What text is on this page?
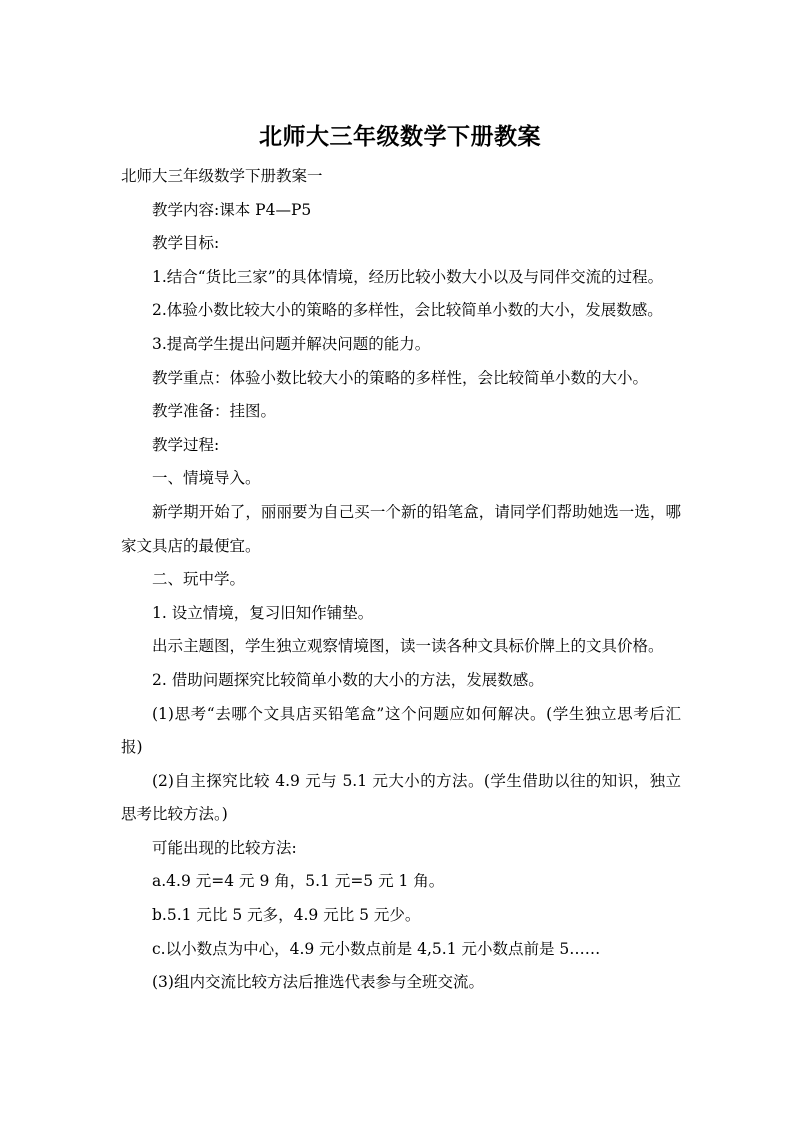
北师大三年级数学下册教案

北师大三年级数学下册教案一

教学内容:课本 P4—P5

教学目标:

1.结合“货比三家”的具体情境，经历比较小数大小以及与同伴交流的过程。

2.体验小数比较大小的策略的多样性，会比较简单小数的大小，发展数感。

3.提高学生提出问题并解决问题的能力。

教学重点：体验小数比较大小的策略的多样性，会比较简单小数的大小。

教学准备：挂图。

教学过程:

一、情境导入。

新学期开始了，丽丽要为自己买一个新的铅笔盒，请同学们帮助她选一选，哪家文具店的最便宜。

二、玩中学。

1. 设立情境，复习旧知作铺垫。

出示主题图，学生独立观察情境图，读一读各种文具标价牌上的文具价格。

2. 借助问题探究比较简单小数的大小的方法，发展数感。

(1)思考“去哪个文具店买铅笔盒”这个问题应如何解决。(学生独立思考后汇报)

(2)自主探究比较 4.9 元与 5.1 元大小的方法。(学生借助以往的知识，独立思考比较方法。)

可能出现的比较方法:

a.4.9 元=4 元 9 角，5.1 元=5 元 1 角。

b.5.1 元比 5 元多，4.9 元比 5 元少。

c.以小数点为中心，4.9 元小数点前是 4,5.1 元小数点前是 5……

(3)组内交流比较方法后推选代表参与全班交流。
